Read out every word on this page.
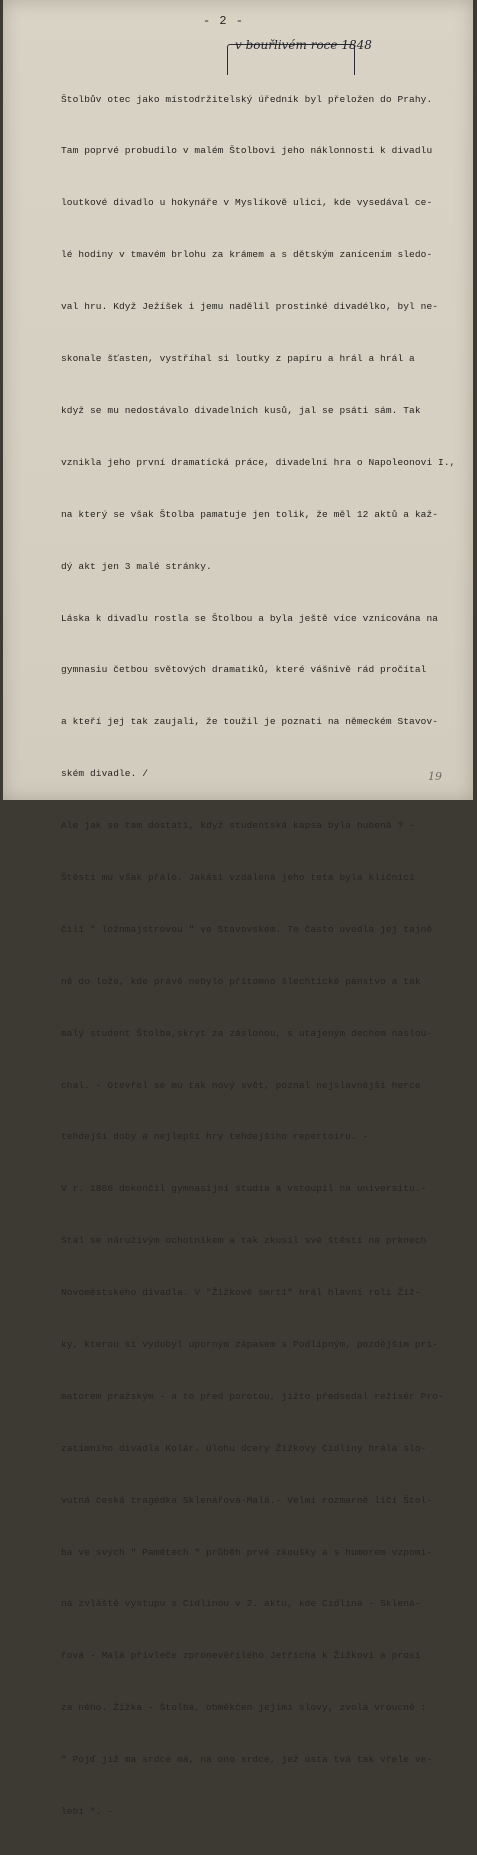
- 2 -
v bouřlivém roce 1848

Štolbův otec jako místodržitelský úředník byl přeložen do Prahy.

Tam poprvé probudilo v malém Štolbovi jeho náklonnosti k divadlu

loutkové divadlo u hokynáře v Myslíkově ulici, kde vysedával ce-

lé hodiny v tmavém brlohu za krámem a s dětským zanícením sledo-

val hru. Když Ježíšek i jemu nadělil prostinké divadélko, byl ne-

skonale šťasten, vystříhal si loutky z papíru a hrál a hrál a

když se mu nedostávalo divadelních kusů, jal se psáti sám. Tak

vznikla jeho první dramatická práce, divadelní hra o Napoleonovi I.,

na který se však Štolba pamatuje jen tolik, že měl 12 aktů a kaž-

dý akt jen 3 malé stránky.

Láska k divadlu rostla se Štolbou a byla ještě více vznícována na

gymnasiu četbou světových dramatiků, které vášnivě rád pročítal

a kteří jej tak zaujali, že toužil je poznati na německém Stavov-

ském divadle. /

Ale jak se tam dostati, když studentská kapsa byla hubená ? -

Štěstí mu však přálo. Jakási vzdálená jeho teta byla klíčnicí

čili " ložnmajstrovou " ve Stavovském. Te často uvedla jej tajně

ně do lože, kde právě nebylo přítomno šlechtické panstvo a tak

malý student Štolba,skryt za záslonou, s utajeným dechem naslou-

chal. - Otevřel se mu tak nový svět, poznal nejslavnější herce

tehdejší doby a nejlepší hry tehdejšího repertoiru. -

V r. 1866 dokončil gymnasijní studia a vstoupil na universitu.-

Stal se náruživým ochotníkem a tak zkusil své štěstí na prknech

Novoměstského divadla. V "Žižkově smrti" hrál hlavní roli Žiž-

ky, kterou si vydobyl úporným zápasem s Podlipným, pozdějším pri-

matorem pražským - a to před porotou, jížto předsedal režisér Pro-

zatímního divadla Kolár. Úlohu dcery Žižkovy Cidliny hrála slo-

vutná česká tragédka Sklenářová-Malá.- Velmi rozmarně líčí Štol-

ba ve svých " Pamětech " průběh prvé zkoušky a s humorem vzpomí-

ná zvláště výstupu s Cidlinou v 2. aktu, kde Cidlina - Sklená-

řová - Malá přivleče zpronevěřilého Jetřicha k Žižkovi a prosí

za něho. Žižka - Štolba, obměkčen jejími slovy, zvolá vroucně :

" Pojď již ma srdce má, na ono srdce, jež ústa tvá tak vřele ve-

lebí ". -

19
